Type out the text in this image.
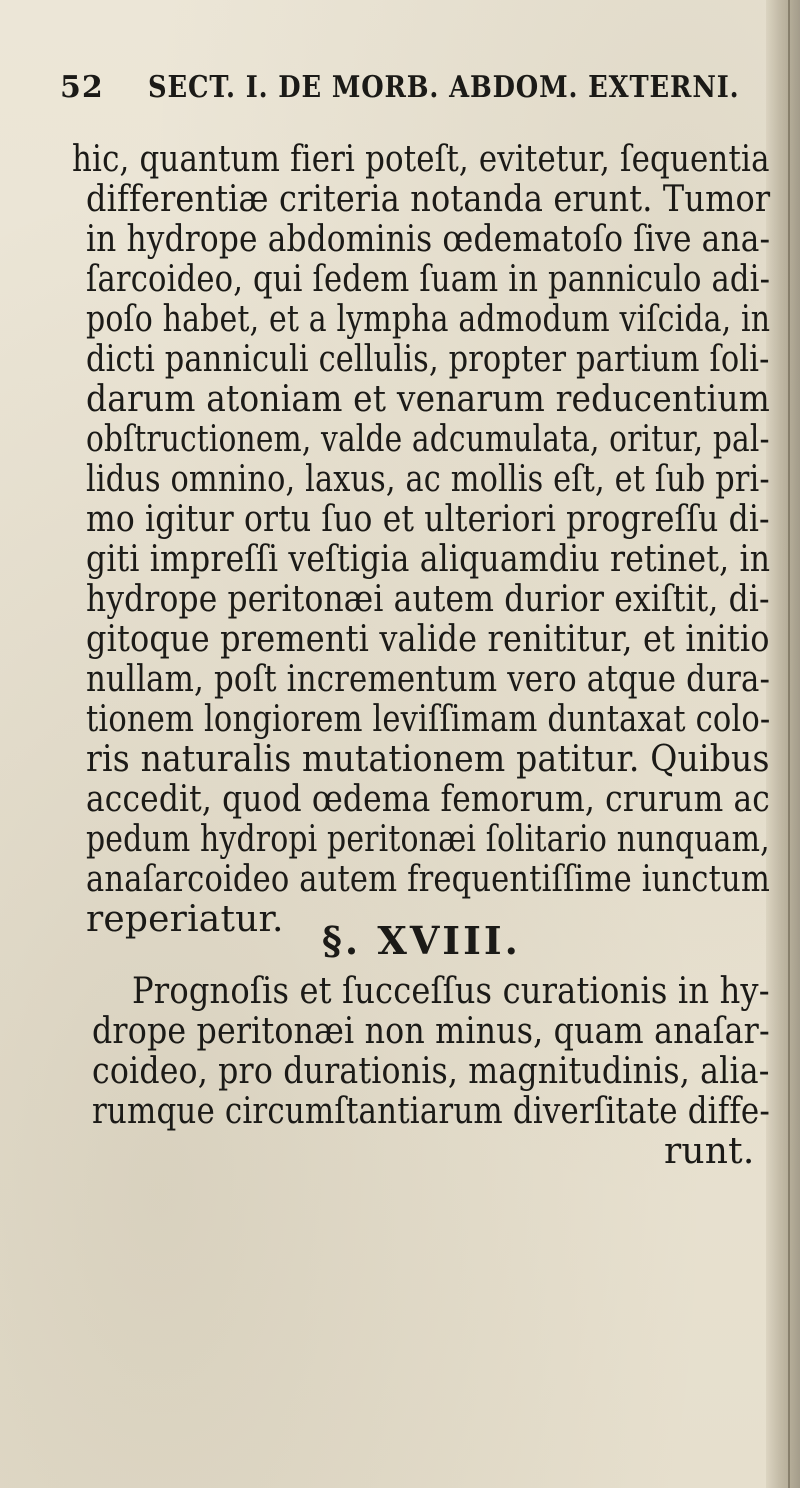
52 SECT. I. DE MORB. ABDOM. EXTERNI.
hic, quantum fieri poteſt, evitetur, ſequentia
differentiæ criteria notanda erunt. Tumor
in hydrope abdominis œdematoſo ſive ana-
ſarcoideo, qui ſedem ſuam in panniculo adi-
poſo habet, et a lympha admodum viſcida, in
dicti panniculi cellulis, propter partium ſoli-
darum atoniam et venarum reducentium
obſtructionem, valde adcumulata, oritur, pal-
lidus omnino, laxus, ac mollis eſt, et ſub pri-
mo igitur ortu ſuo et ulteriori progreſſu di-
giti impreſſi veſtigia aliquamdiu retinet, in
hydrope peritonæi autem durior exiſtit, di-
gitoque prementi valide renititur, et initio
nullam, poſt incrementum vero atque dura-
tionem longiorem leviſſimam duntaxat colo-
ris naturalis mutationem patitur. Quibus
accedit, quod œdema femorum, crurum ac
pedum hydropi peritonæi ſolitario nunquam,
anaſarcoideo autem frequentiſſime iunctum
reperiatur. §. XVIII.
Prognoſis et ſucceſſus curationis in hy-
drope peritonæi non minus, quam anaſar-
coideo, pro durationis, magnitudinis, alia-
rumque circumſtantiarum diverſitate diffe-
runt.
